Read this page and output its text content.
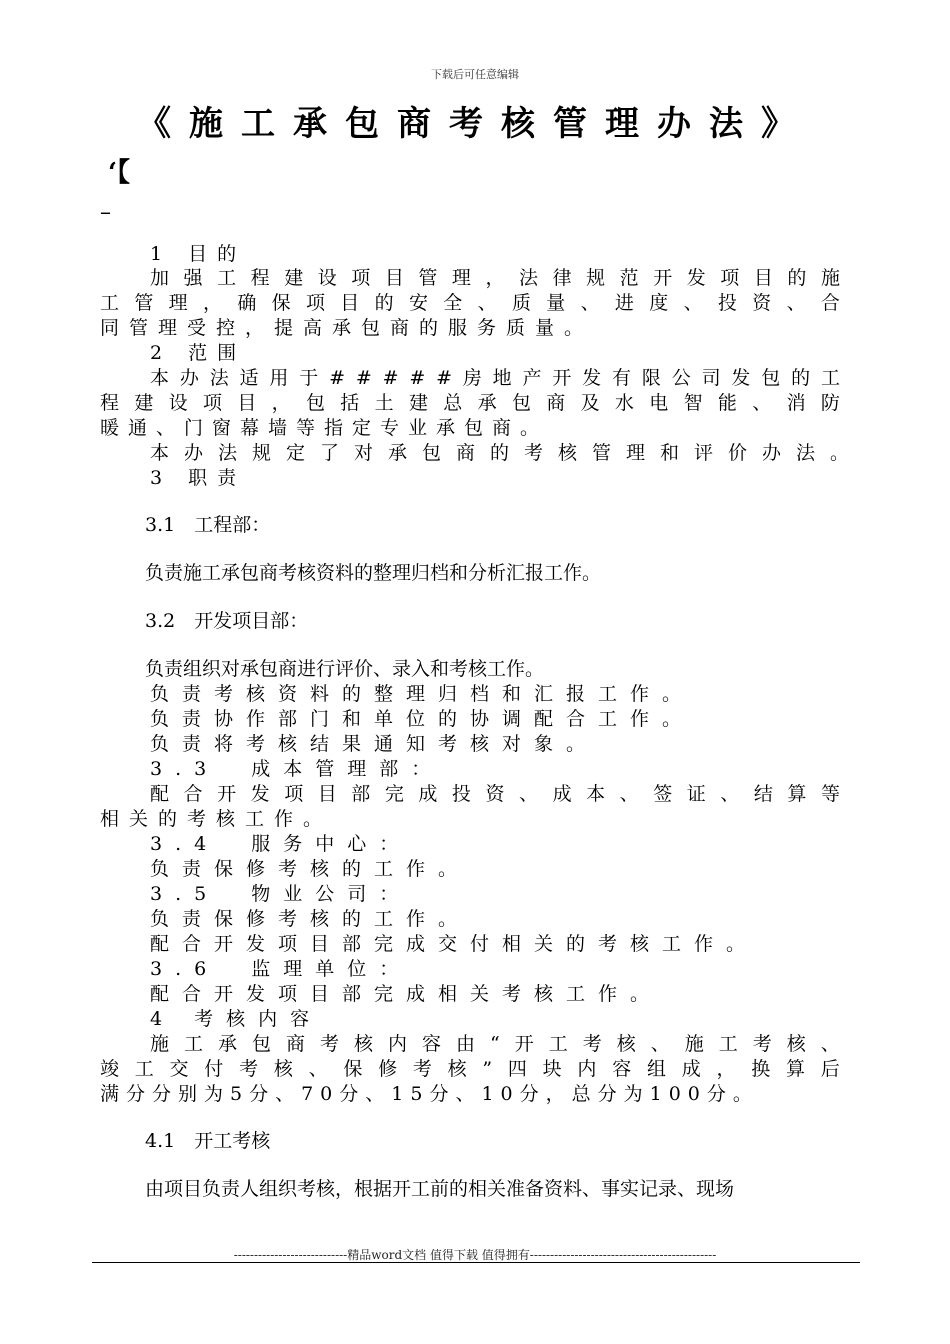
下载后可任意编辑
《施工承包商考核管理办法》
‘【
–
1 目的
加 强 工 程 建 设 项 目 管 理 ， 法 律 规 范 开 发 项 目 的 施
工 管 理 ， 确 保 项 目 的 安 全 、 质 量 、 进 度 、 投 资 、 合
同管理受控，提高承包商的服务质量。
2 范围
本 办 法 适 用 于 # # # # # 房 地 产 开 发 有 限 公 司 发 包 的 工
程 建 设 项 目 ， 包 括 土 建 总 承 包 商 及 水 电 智 能 、 消 防
暖通、门窗幕墙等指定专业承包商。
本办法规定了对承包商的考核管理和评价办法。
3 职责
3.1　工程部：
负责施工承包商考核资料的整理归档和分析汇报工作。
3.2　开发项目部：
负责组织对承包商进行评价、录入和考核工作。
负责考核资料的整理归档和汇报工作。
负责协作部门和单位的协调配合工作。
负责将考核结果通知考核对象。
3.3　成本管理部：
配 合 开 发 项 目 部 完 成 投 资 、 成 本 、 签 证 、 结 算 等
相关的考核工作。
3.4　服务中心：
负责保修考核的工作。
3.5　物业公司：
负责保修考核的工作。
配合开发项目部完成交付相关的考核工作。
3.6　监理单位：
配合开发项目部完成相关考核工作。
4 考核内容
施 工 承 包 商 考 核 内 容 由 “ 开 工 考 核 、 施 工 考 核 、
竣 工 交 付 考 核 、 保 修 考 核 ” 四 块 内 容 组 成 ， 换 算 后
满分分别为5分、70分、15分、10分，总分为100分。
4.1　开工考核
由项目负责人组织考核，根据开工前的相关准备资料、事实记录、现场
----------------------------精品word文档 值得下载 值得拥有----------------------------------------------
